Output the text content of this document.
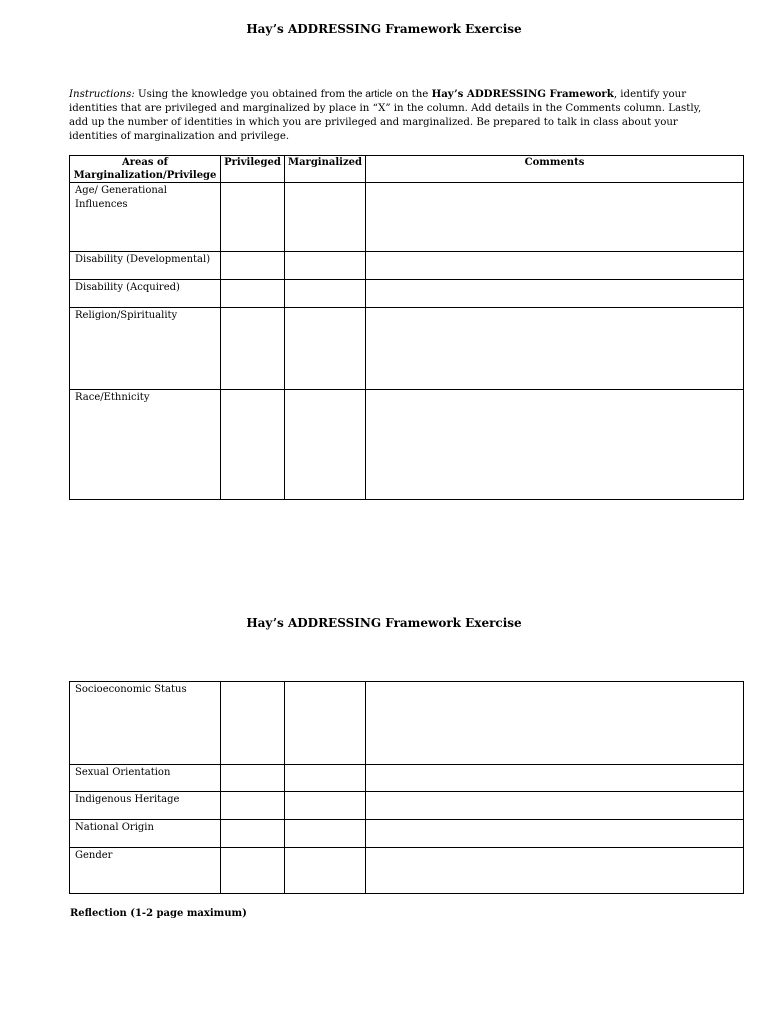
Hay’s ADDRESSING Framework Exercise
Instructions: Using the knowledge you obtained from the article on the Hay’s ADDRESSING Framework, identify your identities that are privileged and marginalized by place in “X” in the column. Add details in the Comments column. Lastly, add up the number of identities in which you are privileged and marginalized. Be prepared to talk in class about your identities of marginalization and privilege.
Areas of Marginalization/Privilege	Privileged	Marginalized	Comments
Age/ Generational Influences			
Disability (Developmental)			
Disability (Acquired)			
Religion/Spirituality			
Race/Ethnicity			
Hay’s ADDRESSING Framework Exercise
Socioeconomic Status			
Sexual Orientation			
Indigenous Heritage			
National Origin			
Gender			
Reflection (1-2 page maximum)
